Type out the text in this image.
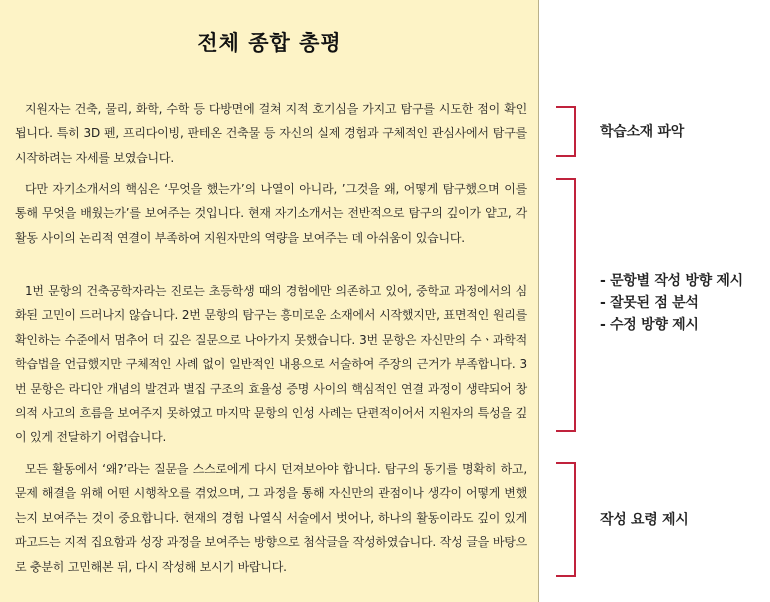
전체 종합 총평

지원자는 건축, 물리, 화학, 수학 등 다방면에 걸쳐 지적 호기심을 가지고 탐구를 시도한 점이 확인됩니다. 특히 3D 펜, 프리다이빙, 판테온 건축물 등 자신의 실제 경험과 구체적인 관심사에서 탐구를 시작하려는 자세를 보였습니다.

다만 자기소개서의 핵심은 ‘무엇을 했는가’의 나열이 아니라, ’그것을 왜, 어떻게 탐구했으며 이를 통해 무엇을 배웠는가’를 보여주는 것입니다. 현재 자기소개서는 전반적으로 탐구의 깊이가 얕고, 각 활동 사이의 논리적 연결이 부족하여 지원자만의 역량을 보여주는 데 아쉬움이 있습니다.

1번 문항의 건축공학자라는 진로는 초등학생 때의 경험에만 의존하고 있어, 중학교 과정에서의 심화된 고민이 드러나지 않습니다. 2번 문항의 탐구는 흥미로운 소재에서 시작했지만, 표면적인 원리를 확인하는 수준에서 멈추어 더 깊은 질문으로 나아가지 못했습니다. 3번 문항은 자신만의 수ㆍ과학적 학습법을 언급했지만 구체적인 사례 없이 일반적인 내용으로 서술하여 주장의 근거가 부족합니다. 3번 문항은 라디안 개념의 발견과 별집 구조의 효율성 증명 사이의 핵심적인 연결 과정이 생략되어 창의적 사고의 흐름을 보여주지 못하였고 마지막 문항의 인성 사례는 단편적이어서 지원자의 특성을 깊이 있게 전달하기 어렵습니다.

모든 활동에서 ‘왜?’라는 질문을 스스로에게 다시 던져보아야 합니다. 탐구의 동기를 명확히 하고, 문제 해결을 위해 어떤 시행착오를 겪었으며, 그 과정을 통해 자신만의 관점이나 생각이 어떻게 변했는지 보여주는 것이 중요합니다. 현재의 경험 나열식 서술에서 벗어나, 하나의 활동이라도 깊이 있게 파고드는 지적 집요함과 성장 과정을 보여주는 방향으로 첨삭글을 작성하였습니다. 작성 글을 바탕으로 충분히 고민해본 뒤, 다시 작성해 보시기 바랍니다.

학습소재 파악
- 문항별 작성 방향 제시
- 잘못된 점 분석
- 수정 방향 제시
작성 요령 제시
